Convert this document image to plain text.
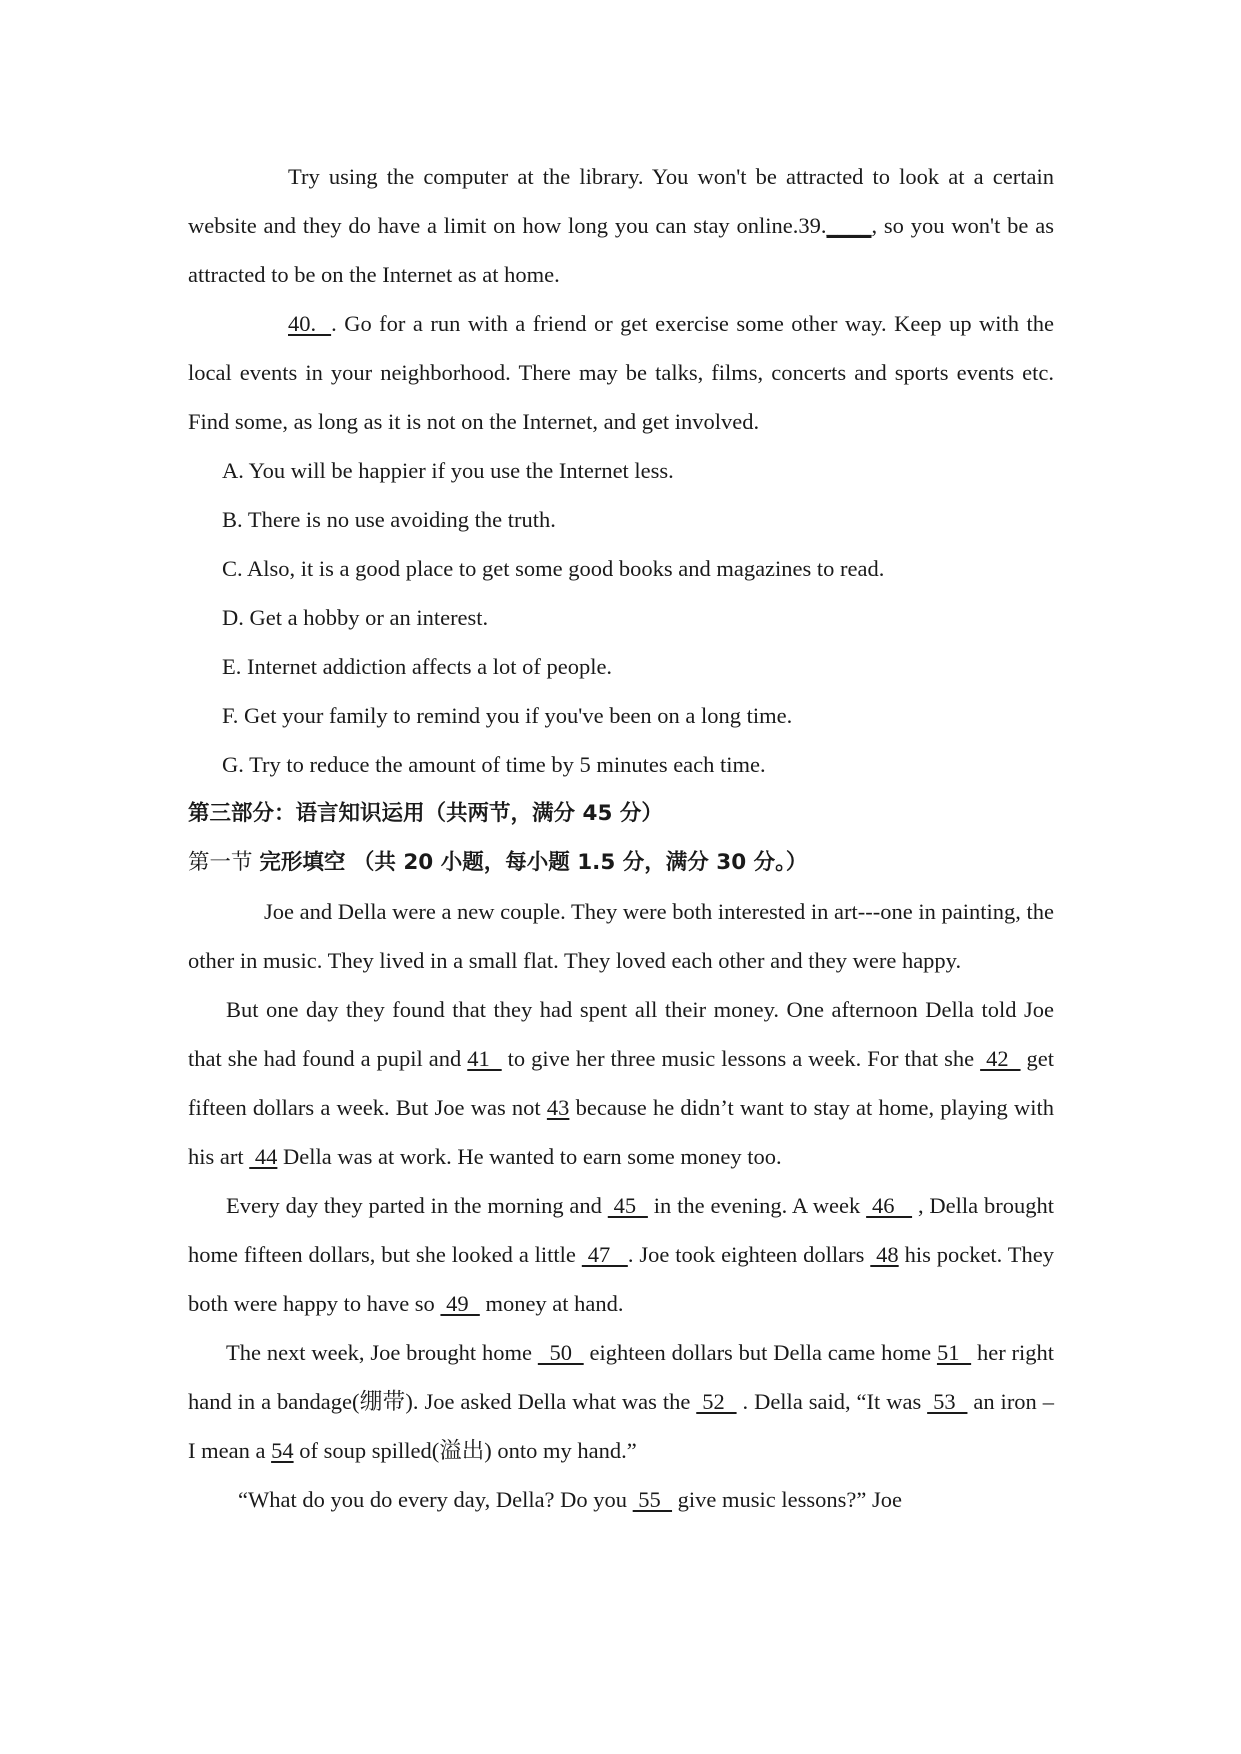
Try using the computer at the library. You won't be attracted to look at a certain website and they do have a limit on how long you can stay online.39.____, so you won't be as attracted to be on the Internet as at home.

40.  . Go for a run with a friend or get exercise some other way. Keep up with the local events in your neighborhood. There may be talks, films, concerts and sports events etc. Find some, as long as it is not on the Internet, and get involved.

A. You will be happier if you use the Internet less.

B. There is no use avoiding the truth.

C. Also, it is a good place to get some good books and magazines to read.

D. Get a hobby or an interest.

E. Internet addiction affects a lot of people.

F. Get your family to remind you if you've been on a long time.

G. Try to reduce the amount of time by 5 minutes each time.

第三部分：语言知识运用（共两节，满分 45 分）

第一节 完形填空 （共 20 小题，每小题 1.5 分，满分 30 分。）

Joe and Della were a new couple. They were both interested in art---one in painting, the other in music. They lived in a small flat. They loved each other and they were happy.

But one day they found that they had spent all their money. One afternoon Della told Joe that she had found a pupil and 41   to give her three music lessons a week. For that she  42   get fifteen dollars a week. But Joe was not 43 because he didn’t want to stay at home, playing with his art  44 Della was at work. He wanted to earn some money too.

Every day they parted in the morning and  45   in the evening. A week  46    , Della brought home fifteen dollars, but she looked a little  47   . Joe took eighteen dollars  48 his pocket. They both were happy to have so  49   money at hand.

The next week, Joe brought home   50   eighteen dollars but Della came home 51   her right hand in a bandage(绷带). Joe asked Della what was the  52   . Della said, “It was  53   an iron – I mean a 54 of soup spilled(溢出) onto my hand.”

“What do you do every day, Della? Do you  55   give music lessons?” Joe
